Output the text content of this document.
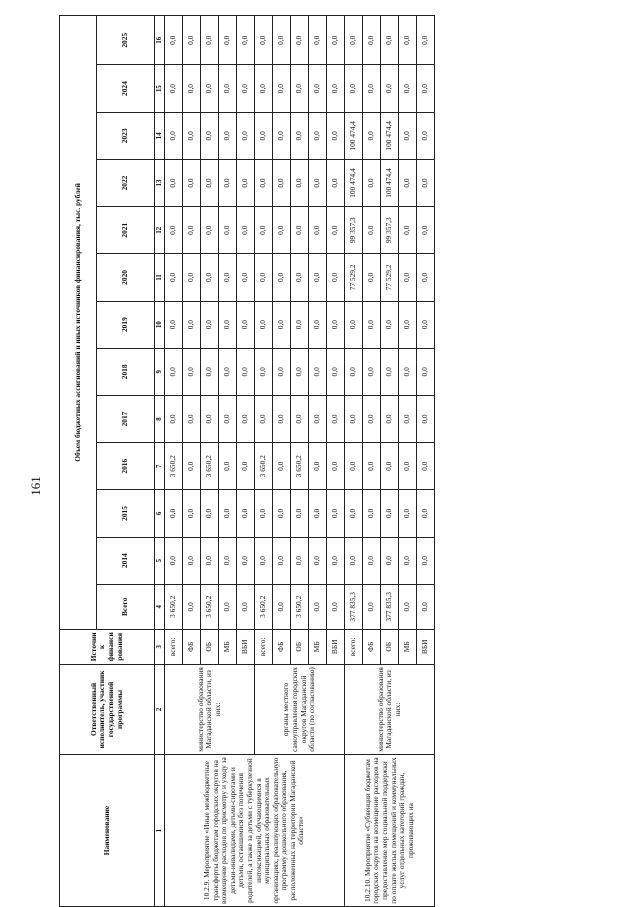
161
Наименование	Ответственный исполнитель, участник государственной программы	Источник финансирования	Объем бюджетных ассигнований и иных источников финансирования, тыс. рублей												
			Всего	2014	2015	2016	2017	2018	2019	2020	2021	2022	2023	2024	2025
1	2	3	4	5	6	7	8	9	10	11	12	13	14	15	16
10.2.9. Мероприятие «Иные межбюджетные трансферты бюджетам городских округов на возмещение расходов по присмотру и уходу за детьми-инвалидами, детьми-сиротами и детьми, оставшимися без попечения родителей, а также за детьми с туберкулезной интоксикацией, обучающимися в муниципальных образовательных организациях, реализующих образовательную программу дошкольного образования, расположенных на территории Магаданской области»	министерство образования Магаданской области, из них:	всего:	3 650,2	0,0	0,0	3 650,2	0,0	0,0	0,0	0,0	0,0	0,0	0,0	0,0	0,0
		ФБ	0,0	0,0	0,0	0,0	0,0	0,0	0,0	0,0	0,0	0,0	0,0	0,0	0,0
		ОБ	3 650,2	0,0	0,0	3 650,2	0,0	0,0	0,0	0,0	0,0	0,0	0,0	0,0	0,0
		МБ	0,0	0,0	0,0	0,0	0,0	0,0	0,0	0,0	0,0	0,0	0,0	0,0	0,0
		ВБИ	0,0	0,0	0,0	0,0	0,0	0,0	0,0	0,0	0,0	0,0	0,0	0,0	0,0
	органы местного самоуправления городских округов Магаданской области (по согласованию)	всего:	3 650,2	0,0	0,0	3 650,2	0,0	0,0	0,0	0,0	0,0	0,0	0,0	0,0	0,0
		ФБ	0,0	0,0	0,0	0,0	0,0	0,0	0,0	0,0	0,0	0,0	0,0	0,0	0,0
		ОБ	3 650,2	0,0	0,0	3 650,2	0,0	0,0	0,0	0,0	0,0	0,0	0,0	0,0	0,0
		МБ	0,0	0,0	0,0	0,0	0,0	0,0	0,0	0,0	0,0	0,0	0,0	0,0	0,0
		ВБИ	0,0	0,0	0,0	0,0	0,0	0,0	0,0	0,0	0,0	0,0	0,0	0,0	0,0
10.2.10. Мероприятие «Субвенции бюджетам городских округов на возмещение расходов на предоставление мер социальной поддержки по оплате жилых помещений и коммунальных услуг отдельных категорий граждан, проживающих на	министерство образования Магаданской области, из них:	всего:	377 835,3	0,0	0,0	0,0	0,0	0,0	0,0	77 529,2	99 357,3	100 474,4	100 474,4	0,0	0,0
		ФБ	0,0	0,0	0,0	0,0	0,0	0,0	0,0	0,0	0,0	0,0	0,0	0,0	0,0
		ОБ	377 835,3	0,0	0,0	0,0	0,0	0,0	0,0	77 529,2	99 357,3	100 474,4	100 474,4	0,0	0,0
		МБ	0,0	0,0	0,0	0,0	0,0	0,0	0,0	0,0	0,0	0,0	0,0	0,0	0,0
		ВБИ	0,0	0,0	0,0	0,0	0,0	0,0	0,0	0,0	0,0	0,0	0,0	0,0	0,0
